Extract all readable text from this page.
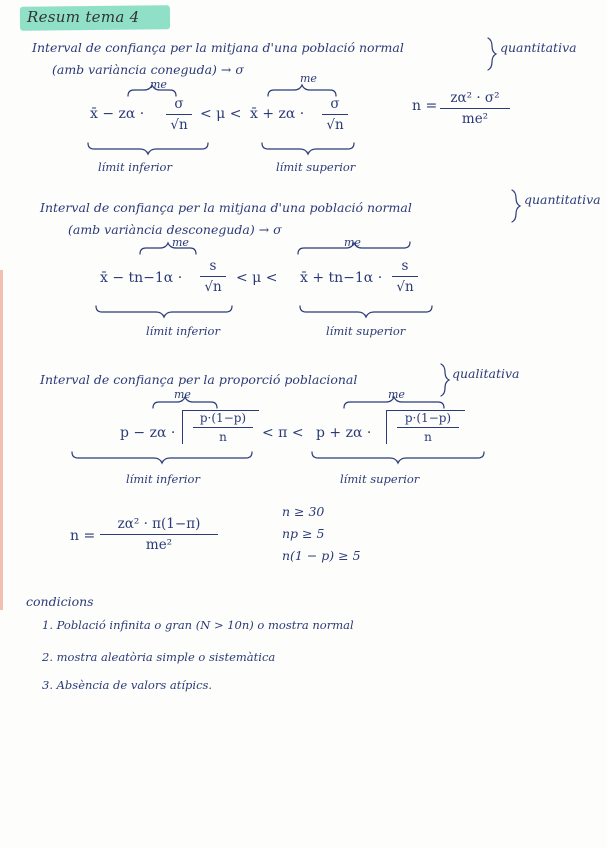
Resum tema 4
Interval de confiança per la mitjana d'una població normal	quantitativa
(amb variància coneguda) → σ
me	me
x̄ − zα ·
σ
√n
< μ < x̄ + zα ·
σ
√n
n = zα² · σ²
me²
límit inferior	límit superior
Interval de confiança per la mitjana d'una població normal
quantitativa
(amb variància desconeguda) → σ
me	me
x̄ − tn−1α ·
s
√n
< μ < x̄ + tn−1α ·
s
√n
límit inferior	límit superior
Interval de confiança per la proporció poblacional	qualitativa
me	me
p − zα ·
p·(1−p)
n	< π < p + zα ·
p·(1−p)
n
límit inferior	límit superior
n =
zα² · π(1−π)
me²
n ≥ 30
np ≥ 5
n(1 − p) ≥ 5
condicions
1. Població infinita o gran (N > 10n) o mostra normal
2. mostra aleatòria simple o sistemàtica
3. Absència de valors atípics.
